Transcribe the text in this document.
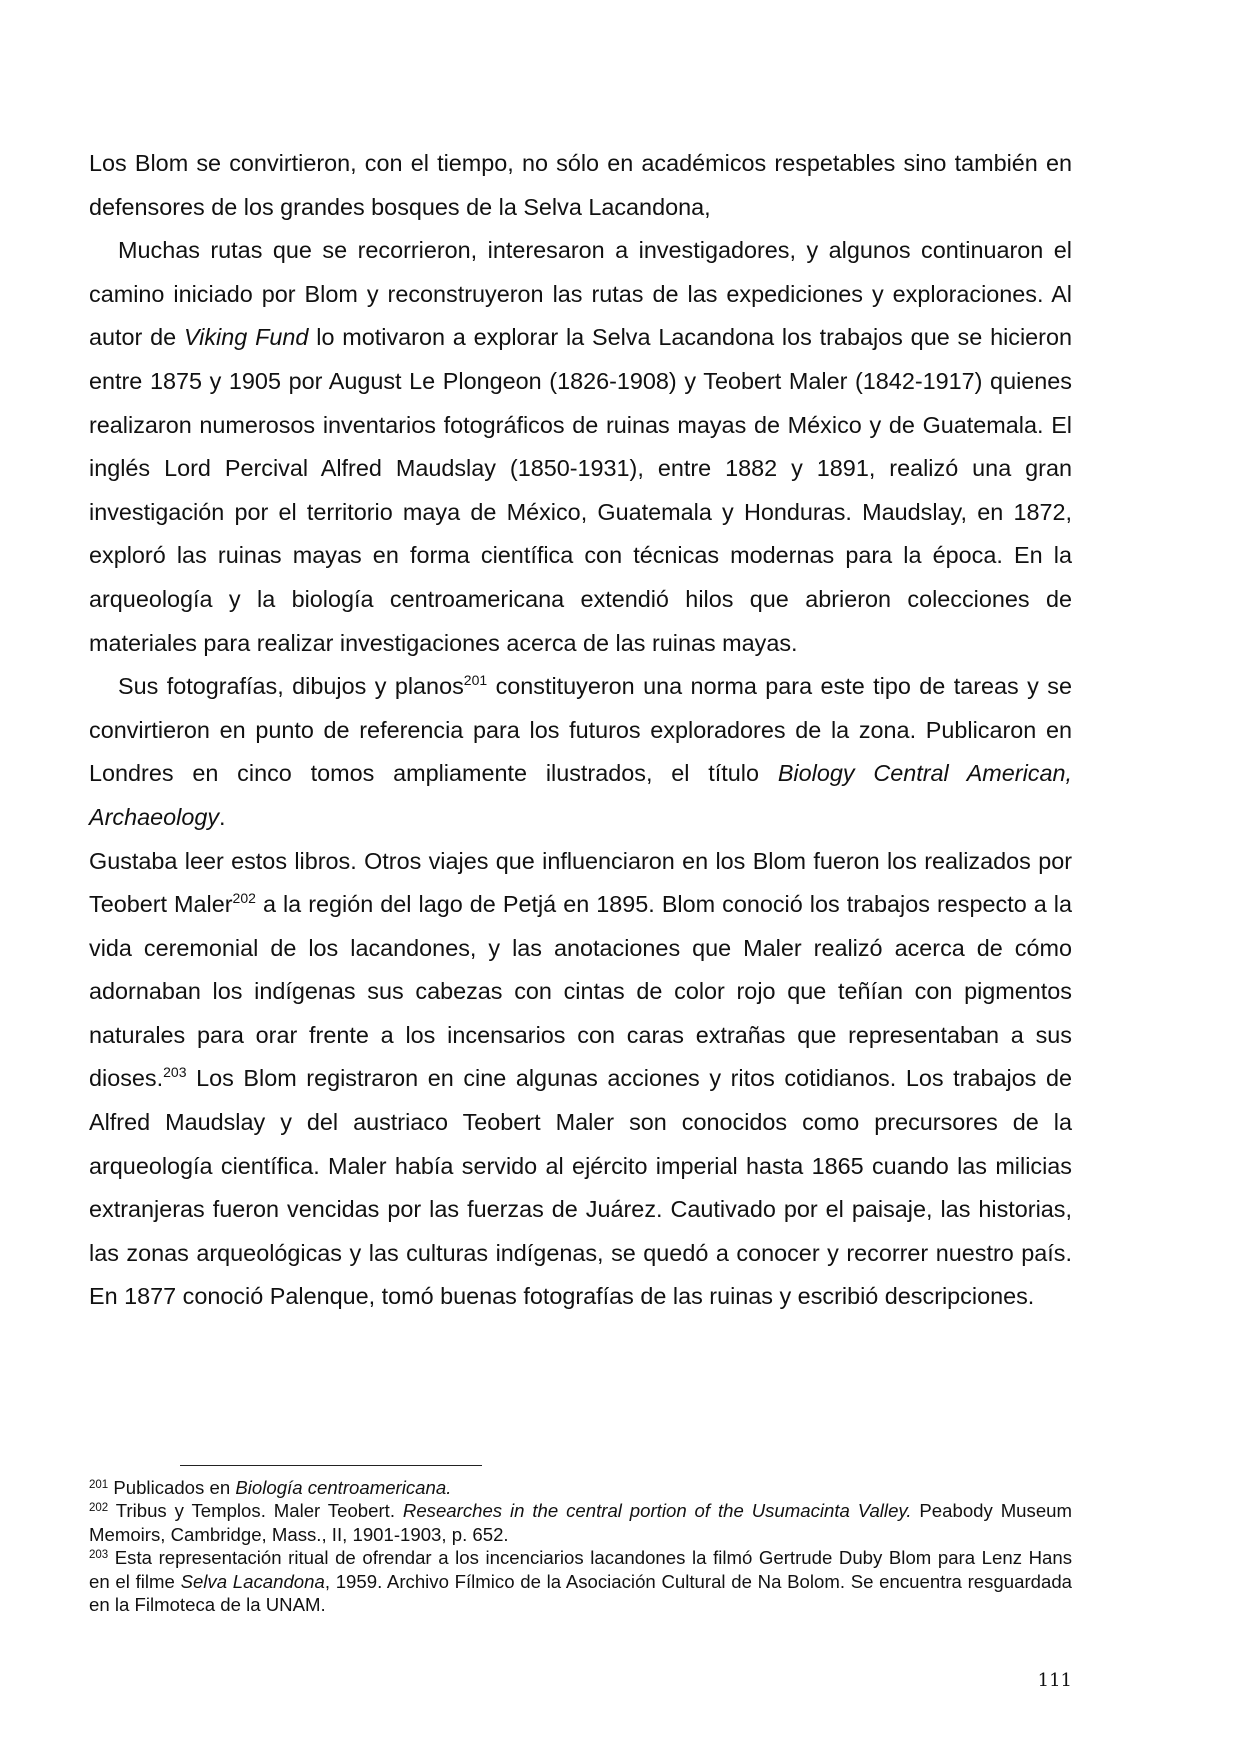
Los Blom se convirtieron, con el tiempo, no sólo en académicos respetables sino también en defensores de los grandes bosques de la Selva Lacandona,

Muchas rutas que se recorrieron, interesaron a investigadores, y algunos continuaron el camino iniciado por Blom y reconstruyeron las rutas de las expediciones y exploraciones. Al autor de Viking Fund lo motivaron a explorar la Selva Lacandona los trabajos que se hicieron entre 1875 y 1905 por August Le Plongeon (1826-1908) y Teobert Maler (1842-1917) quienes realizaron numerosos inventarios fotográficos de ruinas mayas de México y de Guatemala. El inglés Lord Percival Alfred Maudslay (1850-1931), entre 1882 y 1891, realizó una gran investigación por el territorio maya de México, Guatemala y Honduras. Maudslay, en 1872, exploró las ruinas mayas en forma científica con técnicas modernas para la época. En la arqueología y la biología centroamericana extendió hilos que abrieron colecciones de materiales para realizar investigaciones acerca de las ruinas mayas.

Sus fotografías, dibujos y planos$^{201}$ constituyeron una norma para este tipo de tareas y se convirtieron en punto de referencia para los futuros exploradores de la zona. Publicaron en Londres en cinco tomos ampliamente ilustrados, el título Biology Central American, Archaeology.

Gustaba leer estos libros. Otros viajes que influenciaron en los Blom fueron los realizados por Teobert Maler$^{202}$ a la región del lago de Petjá en 1895. Blom conoció los trabajos respecto a la vida ceremonial de los lacandones, y las anotaciones que Maler realizó acerca de cómo adornaban los indígenas sus cabezas con cintas de color rojo que teñían con pigmentos naturales para orar frente a los incensarios con caras extrañas que representaban a sus dioses.$^{203}$ Los Blom registraron en cine algunas acciones y ritos cotidianos. Los trabajos de Alfred Maudslay y del austriaco Teobert Maler son conocidos como precursores de la arqueología científica. Maler había servido al ejército imperial hasta 1865 cuando las milicias extranjeras fueron vencidas por las fuerzas de Juárez. Cautivado por el paisaje, las historias, las zonas arqueológicas y las culturas indígenas, se quedó a conocer y recorrer nuestro país. En 1877 conoció Palenque, tomó buenas fotografías de las ruinas y escribió descripciones.

$^{201}$ Publicados en Biología centroamericana.

$^{202}$ Tribus y Templos. Maler Teobert. Researches in the central portion of the Usumacinta Valley. Peabody Museum Memoirs, Cambridge, Mass., II, 1901-1903, p. 652.

$^{203}$ Esta representación ritual de ofrendar a los incenciarios lacandones la filmó Gertrude Duby Blom para Lenz Hans en el filme Selva Lacandona, 1959. Archivo Fílmico de la Asociación Cultural de Na Bolom. Se encuentra resguardada en la Filmoteca de la UNAM.

111
